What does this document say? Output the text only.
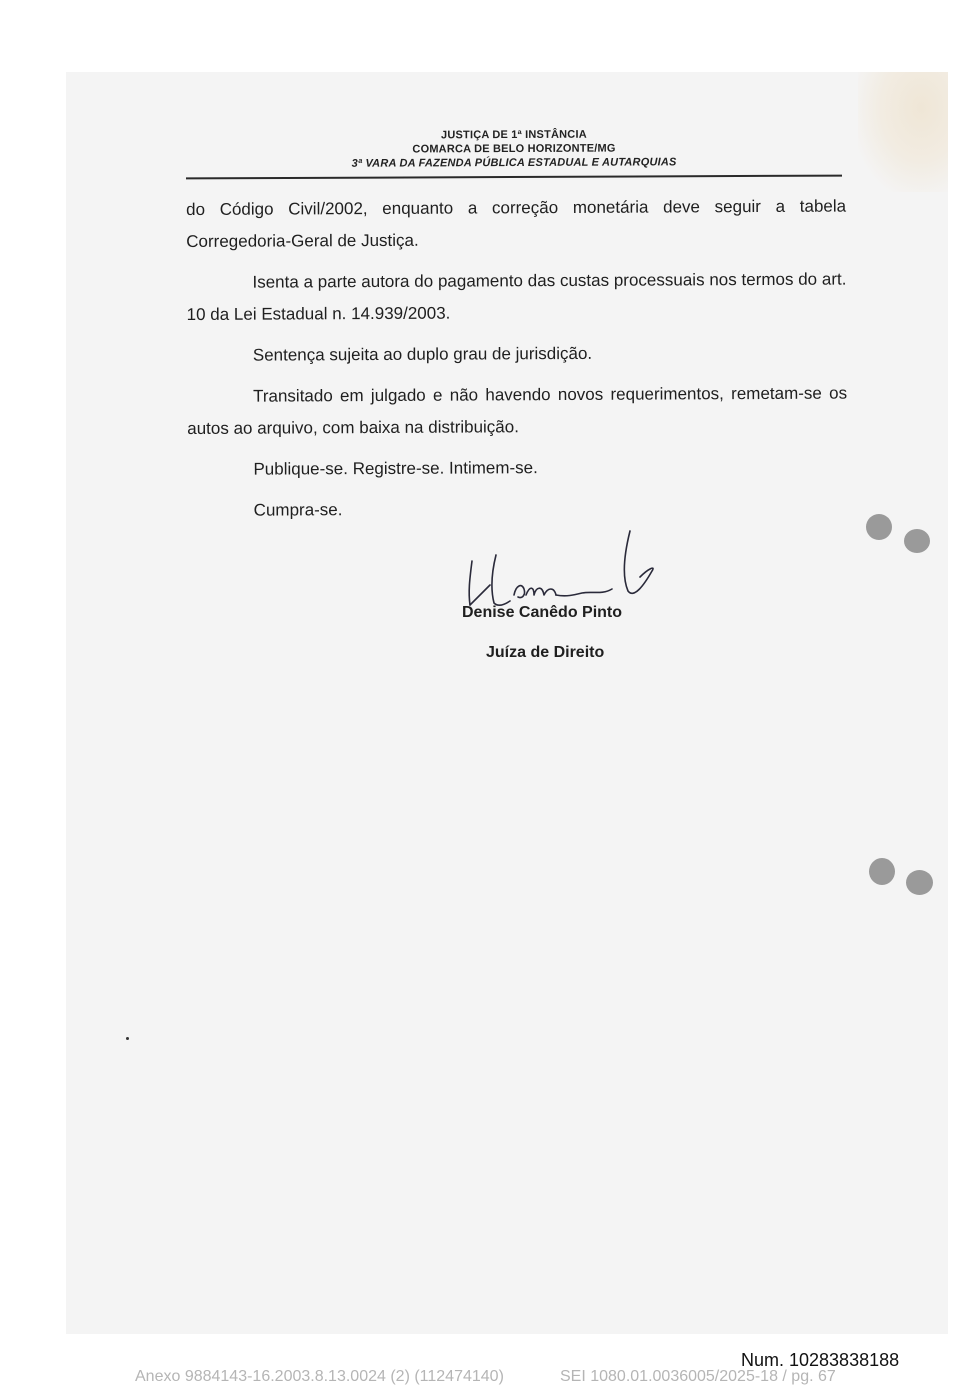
JUSTIÇA DE 1ª INSTÂNCIA
COMARCA DE BELO HORIZONTE/MG
3ª VARA DA FAZENDA PÚBLICA ESTADUAL E AUTARQUIAS

do Código Civil/2002, enquanto a correção monetária deve seguir a tabela Corregedoria-Geral de Justiça.

Isenta a parte autora do pagamento das custas processuais nos termos do art. 10 da Lei Estadual n. 14.939/2003.

Sentença sujeita ao duplo grau de jurisdição.

Transitado em julgado e não havendo novos requerimentos, remetam-se os autos ao arquivo, com baixa na distribuição.

Publique-se. Registre-se. Intimem-se.

Cumpra-se.

Denise Canêdo Pinto
Juíza de Direito
Num. 10283838188
Anexo 9884143-16.2003.8.13.0024 (2) (112474140)	SEI 1080.01.0036005/2025-18 / pg. 67
